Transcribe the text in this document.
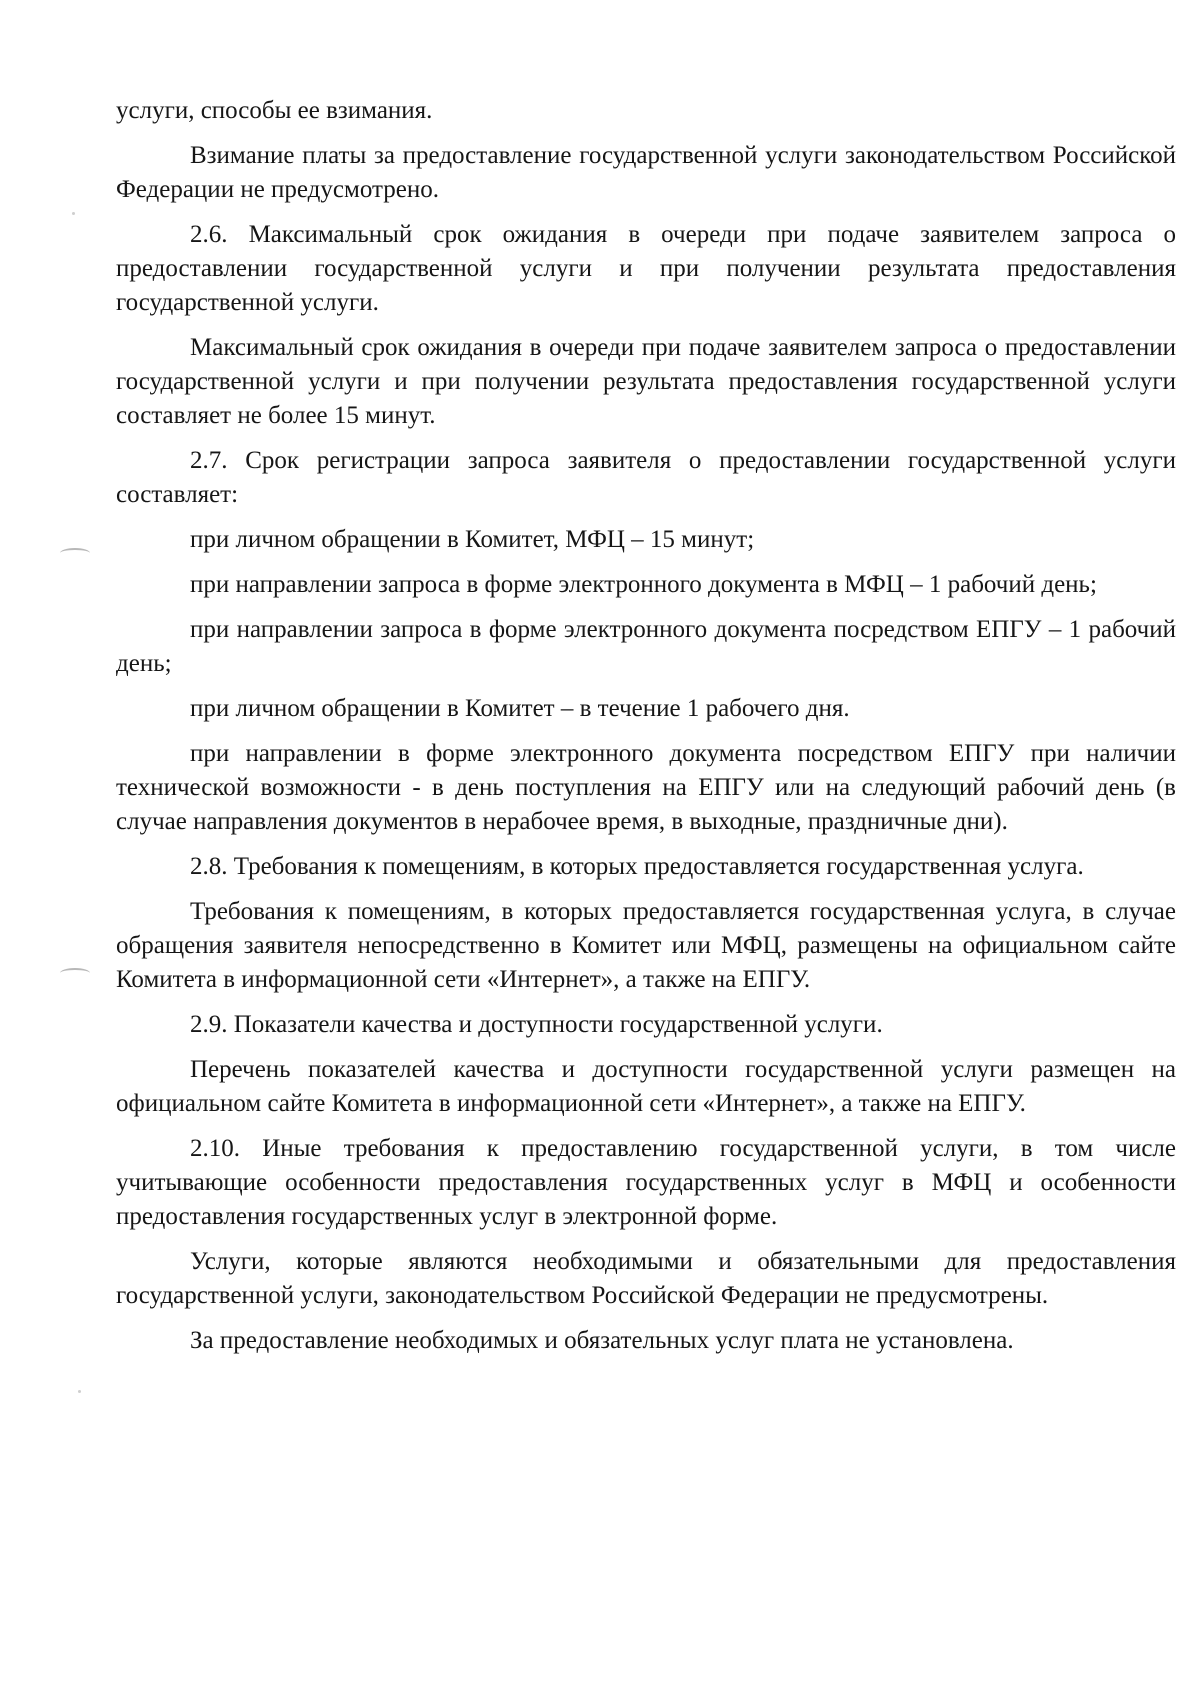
услуги, способы ее взимания.

Взимание платы за предоставление государственной услуги законодательством Российской Федерации не предусмотрено.

2.6. Максимальный срок ожидания в очереди при подаче заявителем запроса о предоставлении государственной услуги и при получении результата предоставления государственной услуги.

Максимальный срок ожидания в очереди при подаче заявителем запроса о предоставлении государственной услуги и при получении результата предоставления государственной услуги составляет не более 15 минут.

2.7. Срок регистрации запроса заявителя о предоставлении государственной услуги составляет:

при личном обращении в Комитет, МФЦ – 15 минут;

при направлении запроса в форме электронного документа в МФЦ – 1 рабочий день;

при направлении запроса в форме электронного документа посредством ЕПГУ – 1 рабочий день;

при личном обращении в Комитет – в течение 1 рабочего дня.

при направлении в форме электронного документа посредством ЕПГУ при наличии технической возможности - в день поступления на ЕПГУ или на следующий рабочий день (в случае направления документов в нерабочее время, в выходные, праздничные дни).

2.8. Требования к помещениям, в которых предоставляется государственная услуга.

Требования к помещениям, в которых предоставляется государственная услуга, в случае обращения заявителя непосредственно в Комитет или МФЦ, размещены на официальном сайте Комитета в информационной сети «Интернет», а также на ЕПГУ.

2.9. Показатели качества и доступности государственной услуги.

Перечень показателей качества и доступности государственной услуги размещен на официальном сайте Комитета в информационной сети «Интернет», а также на ЕПГУ.

2.10. Иные требования к предоставлению государственной услуги, в том числе учитывающие особенности предоставления государственных услуг в МФЦ и особенности предоставления государственных услуг в электронной форме.

Услуги, которые являются необходимыми и обязательными для предоставления государственной услуги, законодательством Российской Федерации не предусмотрены.

За предоставление необходимых и обязательных услуг плата не установлена.
